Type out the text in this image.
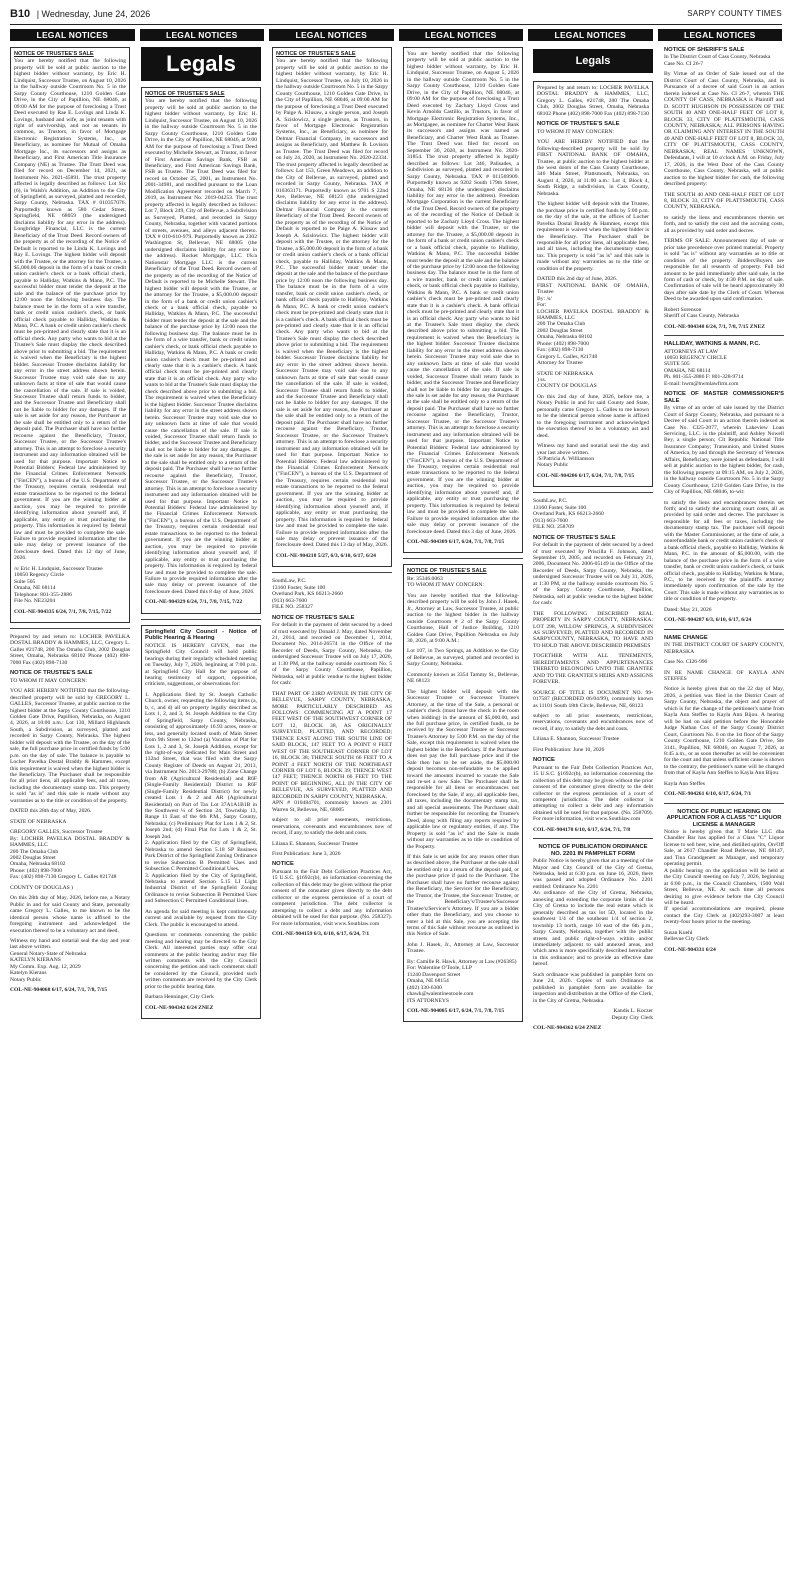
B10 | Wednesday, June 24, 2026	SARPY COUNTY TIMES
LEGAL NOTICES	LEGAL NOTICES	LEGAL NOTICES	LEGAL NOTICES	LEGAL NOTICES	LEGAL NOTICES

NOTICE OF TRUSTEE'S SALE

You are hereby notified that the following property will be sold at public auction to the highest bidder without warranty, by Eric H. Lindquist, Successor Trustee, on August 10, 2026 in the hallway outside Courtroom No. 5 in the Sarpy County Courthouse, 1210 Golden Gate Drive, in the City of Papillion, NE 68046, at 09:00 AM for the purpose of foreclosing a Trust Deed executed by Rae E. Lovings and Linda K. Lovings, husband and wife, as joint tenants with right of survivorship, and not as tenants in common, as Trustors, in favor of Mortgage Electronic Registration Systems, Inc., as Beneficiary, as nominee for Mutual of Omaha Mortgage Inc., its successors and assigns as Beneficiary, and First American Title Insurance Company (NE) as Trustee. The Trust Deed was filed for record on December 14, 2021, as Instrument No. 2021-45891. The trust property affected is legally described as follows: Lot Six (6), in Walsh's Addition, an Addition to the City of Springfield, as surveyed, platted and recorded, Sarpy County, Nebraska. TAX # 010357076. Purportedly known as 580 Cedar Street, Springfield, NE 68059 (the undersigned disclaims liability for any error in the address). Longbridge Financial, LLC is the current Beneficiary of the Trust Deed. Record owners of the property as of the recording of the Notice of Default is reported to be Linda K. Lovings and Ray E. Lovings. The highest bidder will deposit with the Trustee, or the attorney for the Trustee, a $5,000.00 deposit in the form of a bank or credit union cashier's check or a bank official check, payable to Halliday, Watkins & Mann, P.C. The successful bidder must tender the deposit at the sale and the balance of the purchase price by 12:00 noon the following business day. The balance must be in the form of a wire transfer, bank or credit union cashier's check, or bank official check payable to Halliday, Watkins & Mann, P.C. A bank or credit union cashier's check must be pre-printed and clearly state that it is an official check. Any party who wants to bid at the Trustee's Sale must display the check described above prior to submitting a bid. The requirement is waived when the Beneficiary is the highest bidder. Successor Trustee disclaims liability for any error in the street address shown herein. Successor Trustee may void sale due to any unknown facts at time of sale that would cause the cancellation of the sale. If sale is voided, Successor Trustee shall return funds to bidder, and the Successor Trustee and Beneficiary shall not be liable to bidder for any damages. If the sale is set aside for any reason, the Purchaser at the sale shall be entitled only to a return of the deposit paid. The Purchaser shall have no further recourse against the Beneficiary, Trustor, Successor Trustee, or the Successor Trustee's attorney. This is an attempt to foreclose a security instrument and any information obtained will be used for that purpose. Important Notice to Potential Bidders: Federal law administered by the Financial Crimes Enforcement Network ("FinCEN"), a bureau of the U.S. Department of the Treasury, requires certain residential real estate transactions to be reported to the federal government. If you are the winning bidder at auction, you may be required to provide identifying information about yourself and, if applicable, any entity or trust purchasing the property. This information is required by federal law and must be provided to complete the sale. Failure to provide required information after the sale may delay or prevent issuance of the foreclosure deed. Dated this 12 day of June, 2026.

/s/ Eric H. Lindquist, Successor Trustee
10050 Regency Circle
Suite 505
Omaha, NE 68114
Telephone: 801-355-2886
File No. NE23204

COL-NE-904335 6/24, 7/1, 7/8, 7/15, 7/22

Prepared by and return to: LOCHER PAVELKA DOSTAL BRADDY & HAMMES, LLC, Gregory L. Galles #21748, 200 The Omaha Club, 2002 Douglas Street, Omaha, Nebraska 68102 Phone (402) 898-7000 Fax (402) 898-7130

NOTICE OF TRUSTEE'S SALE

TO WHOM IT MAY CONCERN:

YOU ARE HEREBY NOTIFIED that the following-described property will be sold by GREGORY L. GALLES, Successor Trustee, at public auction to the highest bidder at the Sarpy County Courthouse, 1210 Golden Gate Drive, Papillion, Nebraska, on August 4, 2026, at 10:00 a.m.: Lot 130, Millard Highlands South, a Subdivision, as surveyed, platted and recorded in Sarpy County, Nebraska. The highest bidder will deposit with the Trustee, on the day of the sale, the full purchase price in certified funds by 5:00 p.m. on the day of sale. The balance is payable to Locher Pavelka Dostal Braddy & Hammes, except this requirement is waived when the highest bidder is the Beneficiary. The Purchaser shall be responsible for all prior liens, all applicable fees, and all taxes, including the documentary stamp tax. This property is sold "as is" and this sale is made without any warranties as to the title or condition of the property.

DATED this 28th day of May, 2026.

STATE OF NEBRASKA

GREGORY GALLES, Successor Trustee
By: LOCHER PAVELKA DOSTAL BRADDY & HAMMES, LLC
200 The Omaha Club
2002 Douglas Street
Omaha, Nebraska 68102
Phone: (402) 898-7000
Fax: (402) 898-7130 Gregory L. Galles #21748

COUNTY OF DOUGLAS )

On this 28th day of May, 2026, before me, a Notary Public in and for said County and State, personally came Gregory L. Galles, to me known to be the identical person whose name is affixed to the foregoing instrument and acknowledged the execution thereof to be a voluntary act and deed.

Witness my hand and notarial seal the day and year last above written.
General Notary-State of Nebraska
KATELYN KIERANS
My Comm. Exp. Aug. 12, 2029
Katelyn Kierans
Notary Public

COL-NE-904068 6/17, 6/24, 7/1, 7/8, 7/15

Legals

NOTICE OF TRUSTEE'S SALE

You are hereby notified that the following property will be sold at public auction to the highest bidder without warranty, by Eric H. Lindquist, Successor Trustee, on August 10, 2026 in the hallway outside Courtroom No. 5 in the Sarpy County Courthouse, 1210 Golden Gate Drive, in the City of Papillion, NE 68046, at 9:00 AM for the purpose of foreclosing a Trust Deed executed by Michelle Stewart, as Trustor, in favor of First American Savings Bank, FSB as Beneficiary, and First American Savings Bank, FSB as Trustee. The Trust Deed was filed for record on October 25, 2001, as Instrument No. 2001-34981, and modified pursuant to the Loan Modification Agreement recorded on March 7, 2019, as Instrument No. 2019-04253. The trust property affected is legally described as follows: Lot 7, Block 249, City of Bellevue, a Subdivision as Surveyed, Platted, and recorded in Sarpy County, Nebraska, together with vacated portions of streets, avenues, and alleys adjacent thereto. TAX # 010-610-979. Purportedly known as 2302 Washington St, Bellevue, NE 68005 (the undersigned disclaims liability for any error in the address). Rocket Mortgage, LLC f/k/a Nationstar Mortgage LLC is the current Beneficiary of the Trust Deed. Record owners of the property as of the recording of the Notice of Default is reported to be Michelle Stewart. The highest bidder will deposit with the Trustee, or the attorney for the Trustee, a $5,000.00 deposit in the form of a bank or credit union cashier's check or a bank official check, payable to Halliday, Watkins & Mann, P.C. The successful bidder must tender the deposit at the sale and the balance of the purchase price by 12:00 noon the following business day. The balance must be in the form of a wire transfer, bank or credit union cashier's check, or bank official check payable to Halliday, Watkins & Mann, P.C. A bank or credit union cashier's check must be pre-printed and clearly state that it is a cashier's check. A bank official check must be pre-printed and clearly state that it is an official check. Any party who wants to bid at the Trustee's Sale must display the check described above prior to submitting a bid. The requirement is waived when the Beneficiary is the highest bidder. Successor Trustee disclaims liability for any error in the street address shown herein. Successor Trustee may void sale due to any unknown facts at time of sale that would cause the cancellation of the sale. If sale is voided, Successor Trustee shall return funds to bidder, and the Successor Trustee and Beneficiary shall not be liable to bidder for any damages. If the sale is set aside for any reason, the Purchaser at the sale shall be entitled only to a return of the deposit paid. The Purchaser shall have no further recourse against the Beneficiary, Trustor, Successor Trustee, or the Successor Trustee's attorney. This is an attempt to foreclose a security instrument and any information obtained will be used for that purpose. Important Notice to Potential Bidders: Federal law administered by the Financial Crimes Enforcement Network ("FinCEN"), a bureau of the U.S. Department of the Treasury, requires certain residential real estate transactions to be reported to the federal government. If you are the winning bidder at auction, you may be required to provide identifying information about yourself and, if applicable, any entity or trust purchasing the property. This information is required by federal law and must be provided to complete the sale. Failure to provide required information after the sale may delay or prevent issuance of the foreclosure deed. Dated this 8 day of June, 2026.

COL-NE-904329 6/24, 7/1, 7/8, 7/15, 7/22

Springfield City Council - Notice of Public Hearing & Hearing

NOTICE IS HEREBY GIVEN, that the Springfield City Council will hold public hearings during their regularly scheduled meeting on Tuesday, July 7, 2026, beginning at 7:00 p.m. at Springfield City Hall for the purpose of hearing testimony of support, opposition, criticism, suggestions, or observations for:

1. Applications filed by St. Joseph Catholic Church, owner, requesting the following items (a, b, c, and d) all on property legally described as Lots 1, 2, and 3, St. Joseph Addition to the City of Springfield, Sarpy County, Nebraska, consisting of approximately 16.93 acres, more or less, and generally located south of Main Street from 9th Street to 132nd (a) Vacation of Plat for Lots 1, 2 and 3, St. Joseph Addition, except for the right-of-way dedicated for Main Street and 132nd Street, that was filed with the Sarpy County Register of Deeds on August 21, 2013, via Instrument No. 2013-29788; (b) Zone Change from AR (Agricultural Residential) and R6F (Single-Family Residential) District to R6F (Single-Family Residential District) for newly created Lots 1 & 2 and AR (Agricultural Residential) on Part of Tax Lot 37A1A1B1B in the Southwest ¼ of Section 24, Township 13, Range 11 East of the 6th P.M., Sarpy County, Nebraska; (c) Preliminary Plat for Lots 1 & 2, St. Joseph 2nd; (d) Final Plat for Lots 1 & 2, St. Joseph 2nd.
2. Application filed by the City of Springfield, Nebraska to amend Section 5.18 SP Business Park District of the Springfield Zoning Ordinance to revise Subsection B Permitted Uses and Subsection C Permitted Conditional Uses.
3. Application filed by the City of Springfield, Nebraska to amend Section 5.15 LI Light Industrial District of the Springfield Zoning Ordinance to revise Subsection B Permitted Uses and Subsection C Permitted Conditional Uses.

An agenda for said meeting is kept continuously current and available by request from the City Clerk. The public is encouraged to attend.

Questions or comments concerning the public meeting and hearing may be directed to the City Clerk. All interested parties may offer oral comments at the public hearing and/or may file written comments with the City Council concerning the petition and such comments shall be considered by the Council, provided such written comments are received by the City Clerk prior to the public hearing date.

Barbara Henninger, City Clerk

COL-NE-904342 6/24 ZNEZ

NOTICE OF TRUSTEE'S SALE

You are hereby notified that the following property will be sold at public auction to the highest bidder without warranty, by Eric H. Lindquist, Successor Trustee, on July 10, 2026 in the hallway outside Courtroom No. 5 in the Sarpy County Courthouse, 1210 Golden Gate Drive, in the City of Papillion, NE 68046, at 09:00 AM for the purpose of foreclosing a Trust Deed executed by Paige A. Klusaw, a single person, and Joseph A. Szislowicz, a single person, as Trustors, in favor of Mortgage Electronic Registration Systems, Inc., as Beneficiary, as nominee for Delmar Financial Company, its successors and assigns as Beneficiary, and Matthew B. Lovison as Trustee. The Trust Deed was filed for record on July 24, 2020, as Instrument No. 2020-22334. The trust property affected is legally described as follows: Lot 153, Green Meadows, an addition to the City of Bellevue, as surveyed, platted and recorded in Sarpy County, Nebraska. TAX # 010363171. Purportedly known as 9701 S 22nd Ave, Bellevue, NE 68123 (the undersigned disclaims liability for any error in the address). Delmar Financial Company is the current Beneficiary of the Trust Deed. Record owners of the property as of the recording of the Notice of Default is reported to be Paige A. Klusaw and Joseph A. Szislowicz. The highest bidder will deposit with the Trustee, or the attorney for the Trustee, a $5,000.00 deposit in the form of a bank or credit union cashier's check or a bank official check, payable to Halliday, Watkins & Mann, P.C. The successful bidder must tender the deposit at the sale and the balance of the purchase price by 12:00 noon the following business day. The balance must be in the form of a wire transfer, bank or credit union cashier's check, or bank official check payable to Halliday, Watkins & Mann, P.C. A bank or credit union cashier's check must be pre-printed and clearly state that it is a cashier's check. A bank official check must be pre-printed and clearly state that it is an official check. Any party who wants to bid at the Trustee's Sale must display the check described above prior to submitting a bid. The requirement is waived when the Beneficiary is the highest bidder. Successor Trustee disclaims liability for any error in the street address shown herein. Successor Trustee may void sale due to any unknown facts at time of sale that would cause the cancellation of the sale. If sale is voided, Successor Trustee shall return funds to bidder, and the Successor Trustee and Beneficiary shall not be liable to bidder for any damages. If the sale is set aside for any reason, the Purchaser at the sale shall be entitled only to a return of the deposit paid. The Purchaser shall have no further recourse against the Beneficiary, Trustor, Successor Trustee, or the Successor Trustee's attorney. This is an attempt to foreclose a security instrument and any information obtained will be used for that purpose. Important Notice to Potential Bidders: Federal law administered by the Financial Crimes Enforcement Network ("FinCEN"), a bureau of the U.S. Department of the Treasury, requires certain residential real estate transactions to be reported to the federal government. If you are the winning bidder at auction, you may be required to provide identifying information about yourself and, if applicable, any entity or trust purchasing the property. This information is required by federal law and must be provided to complete the sale. Failure to provide required information after the sale may delay or prevent issuance of the foreclosure deed. Dated this 13 day of May, 2026.

COL-NE-904218 5/27, 6/3, 6/10, 6/17, 6/24

SouthLaw, P.C.
13160 Foster, Suite 100
Overland Park, KS 66213-2660
(913) 663-7600
FILE NO. 258327

NOTICE OF TRUSTEE'S SALE

For default in the payment of debt secured by a deed of trust executed by Donald J. May, dated November 21, 2014, and recorded on December 1, 2014, Document No. 2014-26574 in the Office of the Recorder of Deeds, Sarpy County, Nebraska, the undersigned Successor Trustee will on July 17, 2026, at 1:30 PM, at the hallway outside courtroom No. 5 of the Sarpy County Courthouse, Papillion, Nebraska, sell at public vendue to the highest bidder for cash:

THAT PART OF 23RD AVENUE IN THE CITY OF BELLEVUE, SARPY COUNTY, NEBRASKA, MORE PARTICULARLY DESCRIBED AS FOLLOWS: COMMENCING AT A POINT 17 FEET WEST OF THE SOUTHWEST CORNER OF LOT 12, BLOCK 38, AS ORIGINALLY SURVEYED, PLATTED, AND RECORDED; THENCE EAST ALONG THE SOUTH LINE OF SAID BLOCK, 147 FEET TO A POINT 8 FEET WEST OF THE SOUTHEAST CORNER OF LOT 16, BLOCK 38; THENCE SOUTH 66 FEET TO A POINT 4 FEET NORTH OF THE NORTHEAST CORNER OF LOT 6, BLOCK 39; THENCE WEST 147 FEET; THENCE NORTH 66 FEET TO THE POINT OF BEGINNING, ALL IN THE CITY OF BELLEVUE, AS SURVEYED, PLATTED AND RECORDED IN SARPY COUNTY, NEBRASKA.
APN # 010484701, commonly known as 2301 Warren St, Bellevue, NE, 68005

subject to all prior easements, restrictions, reservations, covenants and encumbrances now of record, if any, to satisfy the debt and costs.

Liliana E. Shannon, Successor Trustee

First Publication: June 3, 2026

NOTICE

Pursuant to the Fair Debt Collection Practices Act, 15 U.S.C. §1692c(b), no information concerning the collection of this debt may be given without the prior consent of the consumer given directly to the debt collector or the express permission of a court of competent jurisdiction. The debt collector is attempting to collect a debt and any information obtained will be used for that purpose. (No. 258327). For more information, visit www.Southlaw.com

COL-NE-904159 6/3, 6/10, 6/17, 6/24, 7/1

You are hereby notified that the following property will be sold at public auction to the highest bidder without warranty, by Eric H. Lindquist, Successor Trustee, on August 5, 2026 in the hallway outside Courtroom No. 5 in the Sarpy County Courthouse, 1210 Golden Gate Drive, in the City of Papillion, NE 68046, at 09:00 AM for the purpose of foreclosing a Trust Deed executed by Zachary Lloyd Cross and Kevin Arnoldo Castillo, as Trustors, in favor of Mortgage Electronic Registration Systems, Inc., as Mortgagee, as nominee for Charter West Bank its successors and assigns was named as Beneficiary, and Charter West Bank as Trustee. The Trust Deed was filed for record on September 30, 2020, as Instrument No. 2020-31854. The trust property affected is legally described as follows: Lot 346, Palisades, a Subdivision as surveyed, platted and recorded in Sarpy County, Nebraska. TAX # 011569909. Purportedly known as 9202 South 179th Street, Omaha, NE 68136 (the undersigned disclaims liability for any error in the address). Freedom Mortgage Corporation is the current Beneficiary of the Trust Deed. Record owners of the property as of the recording of the Notice of Default is reported to be Zachary Lloyd Cross. The highest bidder will deposit with the Trustee, or the attorney for the Trustee, a $5,000.00 deposit in the form of a bank or credit union cashier's check or a bank official check, payable to Halliday, Watkins & Mann, P.C. The successful bidder must tender the deposit at the sale and the balance of the purchase price by 12:00 noon the following business day. The balance must be in the form of a wire transfer, bank or credit union cashier's check, or bank official check payable to Halliday, Watkins & Mann, P.C. A bank or credit union cashier's check must be pre-printed and clearly state that it is a cashier's check. A bank official check must be pre-printed and clearly state that it is an official check. Any party who wants to bid at the Trustee's Sale must display the check described above prior to submitting a bid. The requirement is waived when the Beneficiary is the highest bidder. Successor Trustee disclaims liability for any error in the street address shown herein. Successor Trustee may void sale due to any unknown facts at time of sale that would cause the cancellation of the sale. If sale is voided, Successor Trustee shall return funds to bidder, and the Successor Trustee and Beneficiary shall not be liable to bidder for any damages. If the sale is set aside for any reason, the Purchaser at the sale shall be entitled only to a return of the deposit paid. The Purchaser shall have no further recourse against the Beneficiary, Trustor, Successor Trustee, or the Successor Trustee's attorney. This is an attempt to foreclose a security instrument and any information obtained will be used for that purpose. Important Notice to Potential Bidders: Federal law administered by the Financial Crimes Enforcement Network ("FinCEN"), a bureau of the U.S. Department of the Treasury, requires certain residential real estate transactions to be reported to the federal government. If you are the winning bidder at auction, you may be required to provide identifying information about yourself and, if applicable, any entity or trust purchasing the property. This information is required by federal law and must be provided to complete the sale. Failure to provide required information after the sale may delay or prevent issuance of the foreclosure deed. Dated this 3 day of June, 2026.

COL-NE-904309 6/17, 6/24, 7/1, 7/8, 7/15

NOTICE OF TRUSTEE'S SALE

Re: 35346.0063
TO WHOM IT MAY CONCERN:

You are hereby notified that the following-described property will be sold by John J. Hasek, Jr., Attorney at Law, Successor Trustee, at public auction to the highest bidder in the hallway outside Courtroom # 2 of the Sarpy County Courthouse, Hall of Justice Building, 1210 Golden Gate Drive, Papillion Nebraska on July 30, 2026, at 9:00 A.M.:

Lot 107, in Two Springs, an Addition to the City of Bellevue, as surveyed, platted and recorded in Sarpy County, Nebraska.

Commonly known as 3354 Tammy St., Bellevue, NE 68123

The highest bidder will deposit with the Successor Trustee or Successor Trustee's Attorney, at the time of the Sale, a personal or cashier's check (must have the check in the room when bidding) in the amount of $5,000.00, and the full purchase price, in certified funds, to be received by the Successor Trustee or Successor Trustee's Attorney by 5:00 P.M. on the day of the Sale, except this requirement is waived when the highest bidder is the Beneficiary. If the Purchaser does not pay the full purchase price and if the Sale then has to be set aside, the $5,000.00 deposit becomes non-refundable to be applied toward the amounts incurred to vacate the Sale and re-set a new Sale. The Purchaser shall be responsible for all liens or encumbrances not foreclosed by the Sale, if any, all applicable fees, all taxes, including the documentary stamp tax, and all special assessments. The Purchaser shall further be responsible for recording the Trustee's Deed, along with filing any reports required by applicable law or regulatory entities, if any. The Property is sold "as is" and the Sale is made without any warranties as to title or condition of the Property.

If this Sale is set aside for any reason other than as described above, the Purchaser at the sale shall be entitled only to a return of the deposit paid, or the purchase price if paid to the Purchaser. The Purchaser shall have no further recourse against the Beneficiary, the Servicer for the Beneficiary, the Trustor, the Trustee, the Successor Trustee, or the Beneficiary's/Trustee's/Successor Trustee's/Servicer's Attorney. If you are a bidder other than the Beneficiary, and you choose to enter a bid at this Sale, you are accepting the terms of this Sale without recourse as outlined in this Notice of Sale.

John J. Hasek, Jr., Attorney at Law, Successor Trustee.

By: Camille R. Hawk, Attorney at Law (#26385)
For: Walentine O'Toole, LLP
11240 Davenport Street
Omaha, NE 68154
(402) 330-6300
chawk@walentineotoole.com
ITS ATTORNEYS

COL-NE-904005 6/17, 6/24, 7/1, 7/8, 7/15

Legals

Prepared by and return to: LOCHER PAVELKA DOSTAL BRADDY & HAMMES, LLC, Gregory L. Galles, #21748, 200 The Omaha Club, 2002 Douglas Street, Omaha, Nebraska 68102 Phone (402) 898-7000 Fax (402) 898-7130

NOTICE OF TRUSTEE'S SALE

TO WHOM IT MAY CONCERN:

YOU ARE HEREBY NOTIFIED that the following-described property will be sold by FIRST NATIONAL BANK OF OMAHA, Trustee, at public auction to the highest bidder at the west doors of the Cass County Courthouse, 346 Main Street, Plattsmouth, Nebraska, on August 4, 2026, at 11:00 a.m.: Lot 4, Block 4, South Ridge, a subdivision, in Cass County, Nebraska.

The highest bidder will deposit with the Trustee, the purchase price in certified funds by 5:00 p.m. on the day of the sale, at the offices of Locher Pavelka Dostal Braddy & Hammes, except this requirement is waived when the highest bidder is the Beneficiary. The Purchaser shall be responsible for all prior liens, all applicable fees, and all taxes, including the documentary stamp tax. This property is sold "as is" and this sale is made without any warranties as to the title or condition of the property.

DATED this 2nd day of June, 2026.
FIRST NATIONAL BANK OF OMAHA, Trustee
By: /s/
For:
LOCHER PAVELKA DOSTAL BRADDY & HAMMES, LLC
200 The Omaha Club
2002 Douglas Street
Omaha, Nebraska 68102
Phone: (402) 898-7000
Fax: (402) 898-7130
Gregory L. Galles, #21748
Attorney for Trustee

STATE OF NEBRASKA
) ss.
COUNTY OF DOUGLAS

On this 2nd day of June, 2026, before me, a Notary Public in and for said County and State, personally came Gregory L. Galles to me known to be the identical person whose name is affixed to the foregoing instrument and acknowledged the execution thereof to be a voluntary act and deed.

Witness my hand and notarial seal the day and year last above written.
/S/Patricia A. Williamson
Notary Public

COL-NE-904206 6/17, 6/24, 7/1, 7/8, 7/15

SouthLaw, P.C.
13160 Foster, Suite 100
Overland Park, KS 66213-2660
(913) 663-7600
FILE NO. 258709

NOTICE OF TRUSTEE'S SALE

For default in the payment of debt secured by a deed of trust executed by Priscilla F. Johnson, dated September 19, 2005, and recorded on February 21, 2006, Document No. 2006-05149 in the Office of the Recorder of Deeds, Sarpy County, Nebraska, the undersigned Successor Trustee will on July 31, 2026, at 1:30 PM, at the hallway outside courtroom No. 5 of the Sarpy County Courthouse, Papillion, Nebraska, sell at public vendue to the highest bidder for cash:

THE FOLLOWING DESCRIBED REAL PROPERTY IN SARPY COUNTY, NEBRASKA: LOT 298, WILLOW SPRINGS, A SUBDIVISION AS SURVEYED, PLATTED AND RECORDED IN SARPYCOUNTY, NEBRASKA, TO HAVE AND TO HOLD THE ABOVE DESCRIBED PREMISES

TOGETHER WITH ALL TENEMENTS, HEREDITAMENTS AND APPURTENANCES THERETO BELONGING UNTO THE GRANTEE AND TO THE GRANTEE'S HEIRS AND ASSIGNS FOREVER.

SOURCE OF TITLE IS DOCUMENT NO. 99-017587 (RECORDED 06/04/99), commonly known as 11101 South 18th Circle, Bellevue, NE, 68123

subject to all prior easements, restrictions, reservations, covenants and encumbrances now of record, if any, to satisfy the debt and costs.

Liliana E. Shannon, Successor Trustee

First Publication: June 10, 2026

NOTICE

Pursuant to the Fair Debt Collection Practices Act, 15 U.S.C. §1692c(b), no information concerning the collection of this debt may be given without the prior consent of the consumer given directly to the debt collector or the express permission of a court of competent jurisdiction. The debt collector is attempting to collect a debt and any information obtained will be used for that purpose. (No. 258709). For more information, visit www.Southlaw.com

COL-NE-904170 6/10, 6/17, 6/24, 7/1, 7/8

NOTICE OF PUBLICATION ORDINANCE NO. 2201 IN PAMPHLET FORM

Public Notice is hereby given that at a meeting of the Mayor and City Council of the City of Gretna, Nebraska, held at 6:30 p.m. on June 16, 2026, there was passed and adopted Ordinance No. 2201 entitled: Ordinance No. 2201
An ordinance of the City of Gretna, Nebraska, annexing and extending the corporate limits of the City of Gretna to include the real estate which is generally described as tax lot 5D, located in the southwest 1/4 of the southeast 1/4 of section 2, township 13 north, range 10 east of the 6th p.m., Sarpy County, Nebraska, together with the public streets and public right-of-ways within and/or immediately adjacent to said annexed areas, and which area is more specifically described hereinafter in this ordinance; and to provide an effective date hereof.

Such ordinance was published in pamphlet form on June 24, 2026. Copies of such Ordinance as published in pamphlet form are available for inspection and distribution at the Office of the Clerk, in the City of Gretna, Nebraska.

Kandis L. Koczer
Deputy City Clerk

COL-NE-904362 6/24 ZNEZ

NOTICE OF SHERIFF'S SALE

In The District Court of Cass County, Nebraska
Case No. CI 26-7

By Virtue of an Order of Sale issued out of the District Court of Cass County, Nebraska, and in Pursuance of a decree of said Court in an action therein indexed at Case No. CI 26-7, wherein THE COUNTY OF CASS, NEBRASKA is Plaintiff and D. SCOTT HUGHSON IN POSSESSION OF THE SOUTH 40 AND ONE-HALF FEET OF LOT 8, BLOCK 33, CITY OF PLATTSMOUTH, CASS COUNTY, NEBRASKA; ALL PERSONS HAVING OR CLAIMING ANY INTEREST IN THE SOUTH 40 AND ONE-HALF FEET OF LOT 8, BLOCK 33, CITY OF PLATTSMOUTH, CASS COUNTY, NEBRASKA; REAL NAMES UNKNOWN, Defendants, I will at 10 o'clock A.M. on Friday, July 17, 2026, in the West Door of the Cass County Courthouse, Cass County, Nebraska, sell at public auction to the highest bidder for cash, the following described property:

THE SOUTH 40 AND ONE-HALF FEET OF LOT 8, BLOCK 33, CITY OF PLATTSMOUTH, CASS COUNTY, NEBRASKA.

to satisfy the liens and encumbrances therein set forth, and to satisfy the cost and the accruing costs, all as provided by said order and decree.

TERMS OF SALE: Announcement day of sale or prior take precedence over printed material. Property is sold "as is" without any warranties as to title or condition of the property. Bidders/Buyers are responsible for all research of property. Full bid amount to be paid immediately after said sale, in the form of cash or check, by 4:30 P.M. on day of sale. Confirmation of sale will be heard approximately 30 days after sale date by the Clerk of Court. Whereas Deed to be awarded upon said confirmation.

Robert Sorenson
Sheriff of Cass County, Nebraska

COL-NE-904348 6/24, 7/1, 7/8, 7/15 ZNEZ

HALLIDAY, WATKINS & MANN, P.C.

ATTORNEYS AT LAW
10050 REGENCY CIRCLE
SUITE 505
OMAHA, NE 68114
Ph. 801-355-2886 F: 801-328-9714
E-mail: hwm@hwmlawfirm.com

NOTICE OF MASTER COMMISSIONER'S SALE

By virtue of an order of sale issued by the District Court of Sarpy County, Nebraska, and pursuant to a Decree of said Court in an action therein indexed as Case No. CI25-2077, wherein Lakeview Loan Servicing, LLC. is the plaintiff, and Ashley Nowell Bey, a single person; Clt Republic National Title Insurance Company; Transunion, and United States of America, by and through the Secretary of Veterans Affairs, Beneficiary, were joined as defendants, I will sell at public auction to the highest bidder, for cash, the following property at 09:15 AM, on July 2, 2026, in the hallway outside Courtroom No. 5 in the Sarpy County Courthouse, 1210 Golden Gate Drive, in the City of Papillion, NE 68046, to-wit:

to satisfy the liens and encumbrances therein set forth; and to satisfy the accruing court costs, all as provided by said order and decree. The purchaser is responsible for all fees or taxes, including the documentary stamp tax. The purchaser will deposit with the Master Commissioner, at the time of sale, a nonrefundable bank or credit union cashier's check or a bank official check, payable to Halliday, Watkins & Mann, P.C. in the amount of $5,000.00, with the balance of the purchase price in the form of a wire transfer, bank or credit union cashier's check, or bank official check, payable to Halliday, Watkins & Mann, P.C., to be received by the plaintiff's attorney immediately upon confirmation of the sale by the Court. This sale is made without any warranties as to title or condition of the property.

Dated: May 21, 2026

COL-NE-904287 6/3, 6/10, 6/17, 6/24

NAME CHANGE

IN THE DISTRICT COURT OF SARPY COUNTY, NEBRASKA

Case No. CI26-996

IN RE NAME CHANGE OF KAYLA ANN STEFFES

Notice is hereby given that on the 22 day of May, 2026, a petition was filed in the District Court of Sarpy County, Nebraska, the object and prayer of which is for the change of the petitioner's name from Kayla Ann Steffes to Kayla Ann Bijou. A hearing will be had on said petition before the Honorable Judge Nathan Cox of the Sarpy County District Court, Courtroom No. 6 on the 1st floor of the Sarpy County Courthouse, 1210 Golden Gate Drive, Ste 3141, Papillion, NE 68046, on August 7, 2026, at 8:45 a.m., or as soon thereafter as will be convenient for the court and that unless sufficient cause is shown to the contrary, the petitioner's name will be changed from that of Kayla Ann Steffes to Kayla Ann Bijou.

Kayla Ann Steffes

COL-NE-904261 6/10, 6/17, 6/24, 7/1

NOTICE OF PUBLIC HEARING ON APPLICATION FOR A CLASS "C" LIQUOR LICENSE & MANAGER

Notice is hereby given that T Marie LLC dba Chandler Bar has applied for a Class "C" Liquor license to sell beer, wine, and distilled spirits, On/Off Sale, at 2617 Chandler Road Bellevue, NE 68147, and Tina Grandgenett as Manager, and temporary operating permit.
A public hearing on the application will be held at the City Council meeting on July 7, 2026, beginning at 6:00 p.m., in the Council Chambers, 1500 Wall Street, Bellevue, NE. At such time all persons desiring to give evidence before the City Council will be heard.
If special accommodations are required, please contact the City Clerk at (402)293-3007 at least twenty-four hours prior to the meeting.

Susan Kuehl
Bellevue City Clerk

COL-NE-904331 6/24
